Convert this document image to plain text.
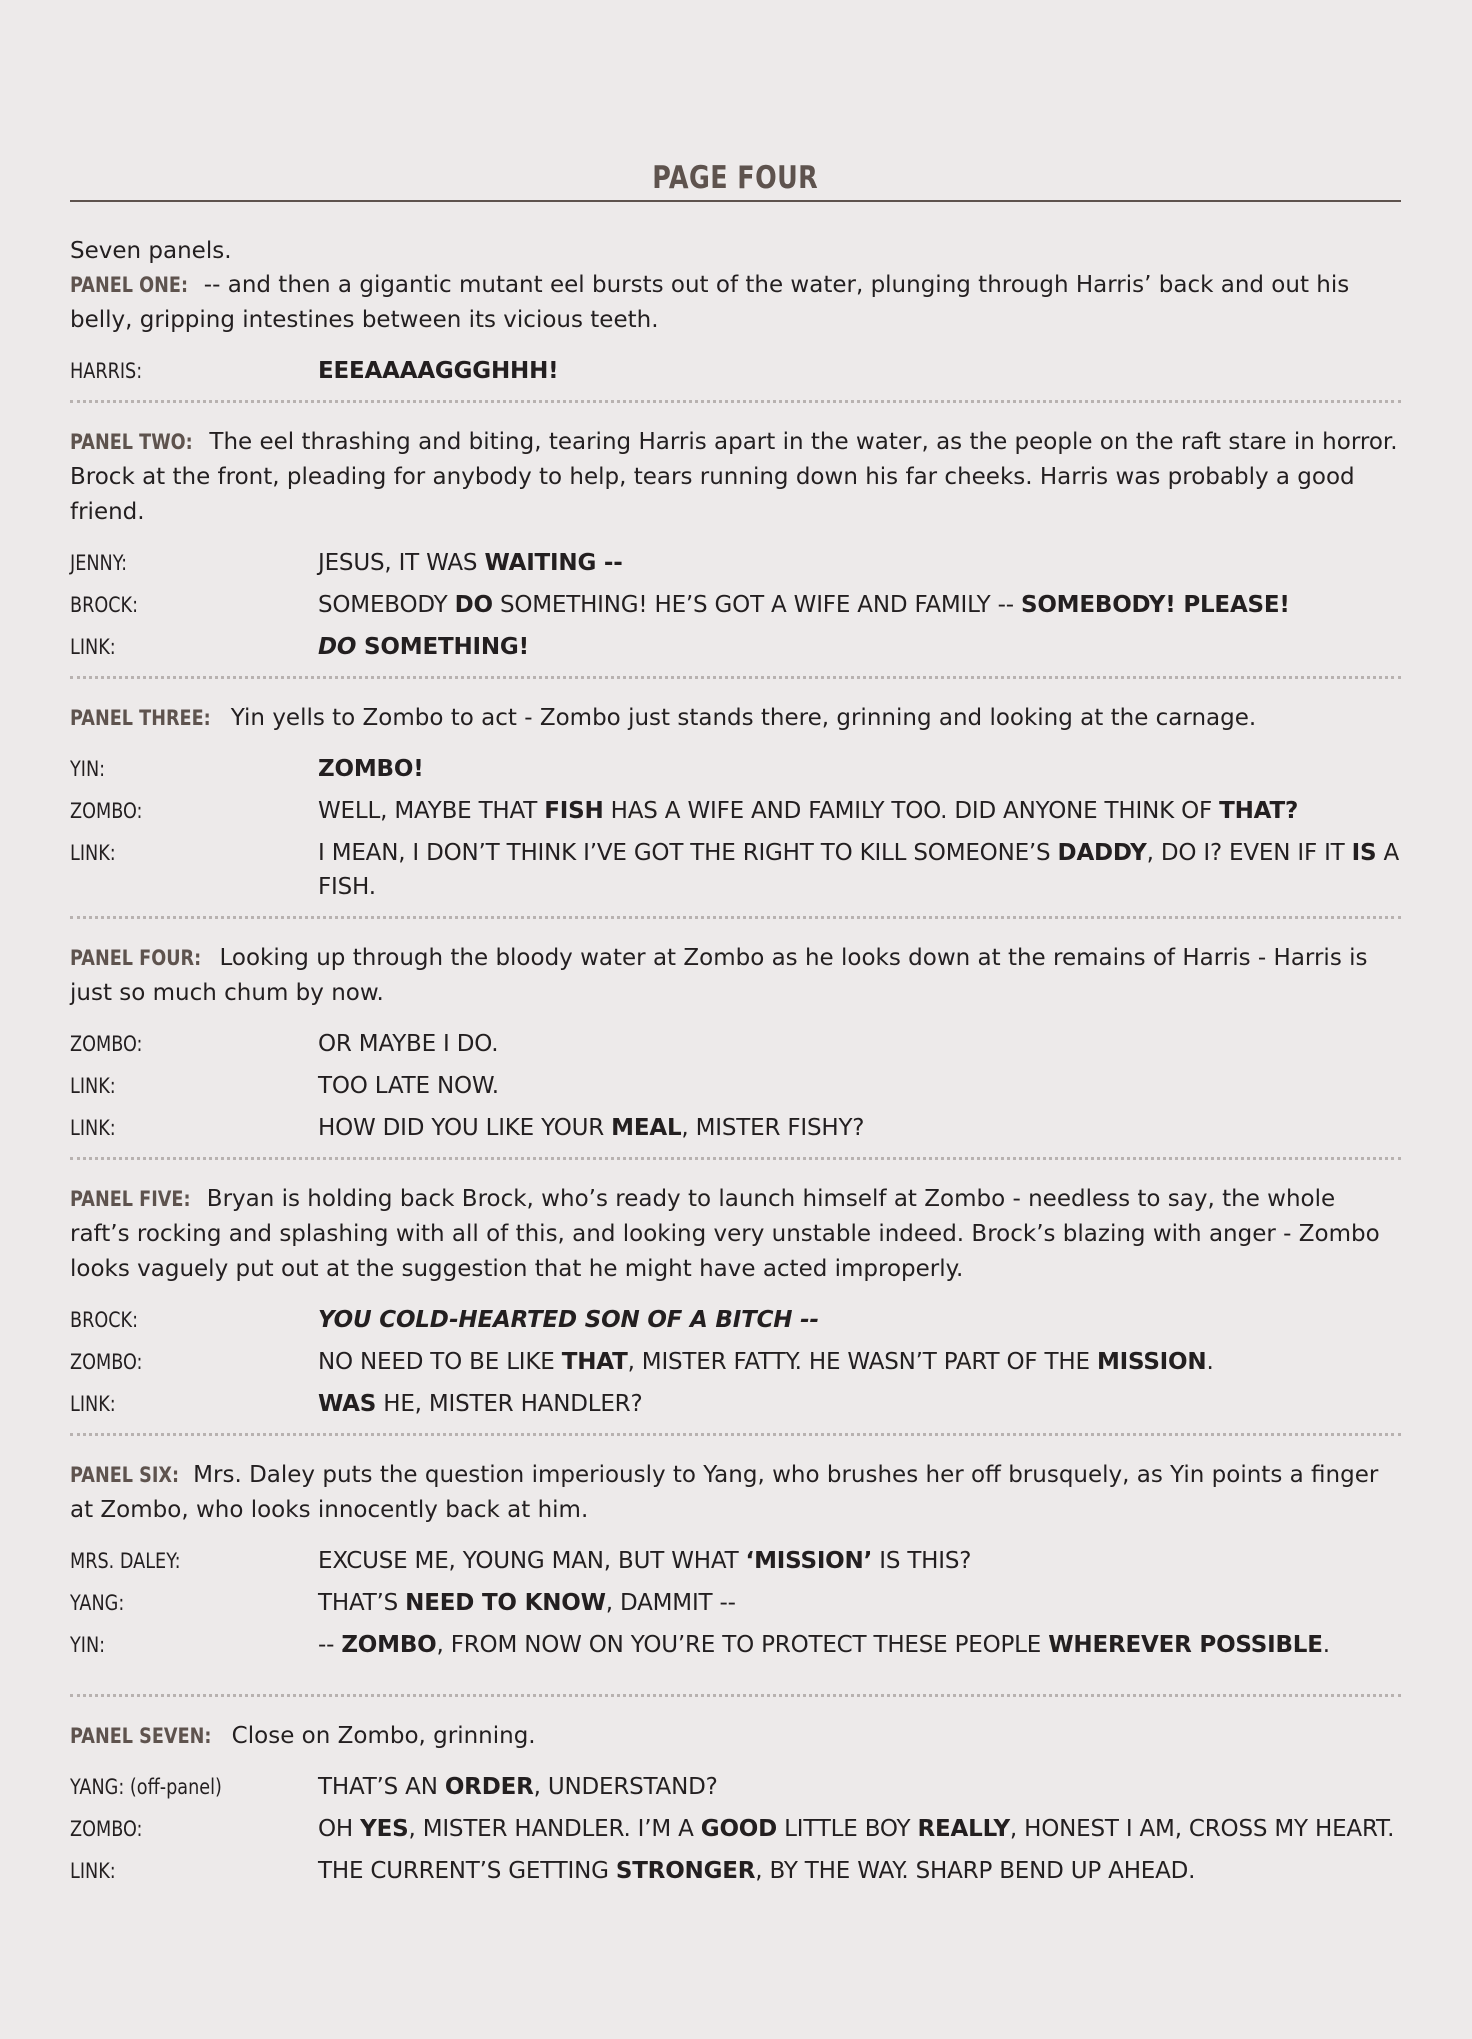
PAGE FOUR

Seven panels.

PANEL ONE: -- and then a gigantic mutant eel bursts out of the water, plunging through Harris’ back and out his belly, gripping intestines between its vicious teeth.

HARRIS:	EEEAAAAGGGHHH!

PANEL TWO: The eel thrashing and biting, tearing Harris apart in the water, as the people on the raft stare in horror. Brock at the front, pleading for anybody to help, tears running down his far cheeks. Harris was probably a good friend.

JENNY:	JESUS, IT WAS WAITING --
BROCK:	SOMEBODY DO SOMETHING! HE’S GOT A WIFE AND FAMILY -- SOMEBODY! PLEASE!
LINK:	DO SOMETHING!

PANEL THREE: Yin yells to Zombo to act - Zombo just stands there, grinning and looking at the carnage.

YIN:	ZOMBO!
ZOMBO:	WELL, MAYBE THAT FISH HAS A WIFE AND FAMILY TOO. DID ANYONE THINK OF THAT?
LINK:	I MEAN, I DON’T THINK I’VE GOT THE RIGHT TO KILL SOMEONE’S DADDY, DO I? EVEN IF IT IS A FISH.

PANEL FOUR: Looking up through the bloody water at Zombo as he looks down at the remains of Harris - Harris is just so much chum by now.

ZOMBO:	OR MAYBE I DO.
LINK:	TOO LATE NOW.
LINK:	HOW DID YOU LIKE YOUR MEAL, MISTER FISHY?

PANEL FIVE: Bryan is holding back Brock, who’s ready to launch himself at Zombo - needless to say, the whole raft’s rocking and splashing with all of this, and looking very unstable indeed. Brock’s blazing with anger - Zombo looks vaguely put out at the suggestion that he might have acted improperly.

BROCK:	YOU COLD-HEARTED SON OF A BITCH --
ZOMBO:	NO NEED TO BE LIKE THAT, MISTER FATTY. HE WASN’T PART OF THE MISSION.
LINK:	WAS HE, MISTER HANDLER?

PANEL SIX: Mrs. Daley puts the question imperiously to Yang, who brushes her off brusquely, as Yin points a finger at Zombo, who looks innocently back at him.

MRS. DALEY:	EXCUSE ME, YOUNG MAN, BUT WHAT ‘MISSION’ IS THIS?
YANG:	THAT’S NEED TO KNOW, DAMMIT --
YIN:	-- ZOMBO, FROM NOW ON YOU’RE TO PROTECT THESE PEOPLE WHEREVER POSSIBLE.

PANEL SEVEN: Close on Zombo, grinning.

YANG: (off-panel)	THAT’S AN ORDER, UNDERSTAND?
ZOMBO:	OH YES, MISTER HANDLER. I’M A GOOD LITTLE BOY REALLY, HONEST I AM, CROSS MY HEART.
LINK:	THE CURRENT’S GETTING STRONGER, BY THE WAY. SHARP BEND UP AHEAD.
